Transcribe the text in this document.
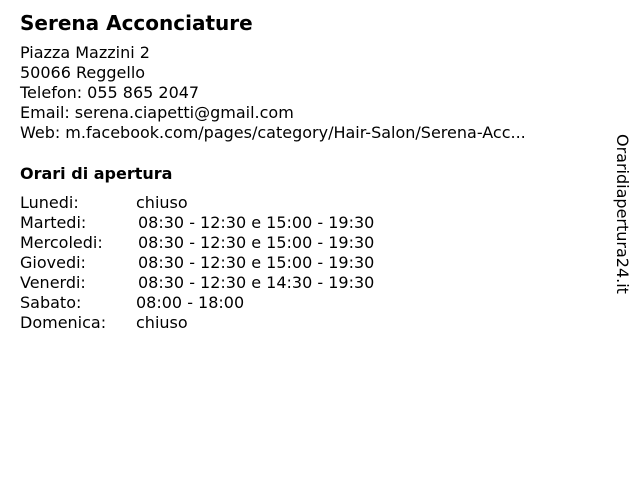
Serena Acconciature
Piazza Mazzini 2
50066 Reggello
Telefon: 055 865 2047
Email: serena.ciapetti@gmail.com
Web: m.facebook.com/pages/category/Hair-Salon/Serena-Acc...
Orari di apertura
Lunedi:	chiuso
Martedi:	08:30 - 12:30 e 15:00 - 19:30
Mercoledi: 08:30 - 12:30 e 15:00 - 19:30
Giovedi:	08:30 - 12:30 e 15:00 - 19:30
Venerdi:	08:30 - 12:30 e 14:30 - 19:30
Sabato:	08:00 - 18:00
Domenica: chiuso
Oraridiapertura24.it
